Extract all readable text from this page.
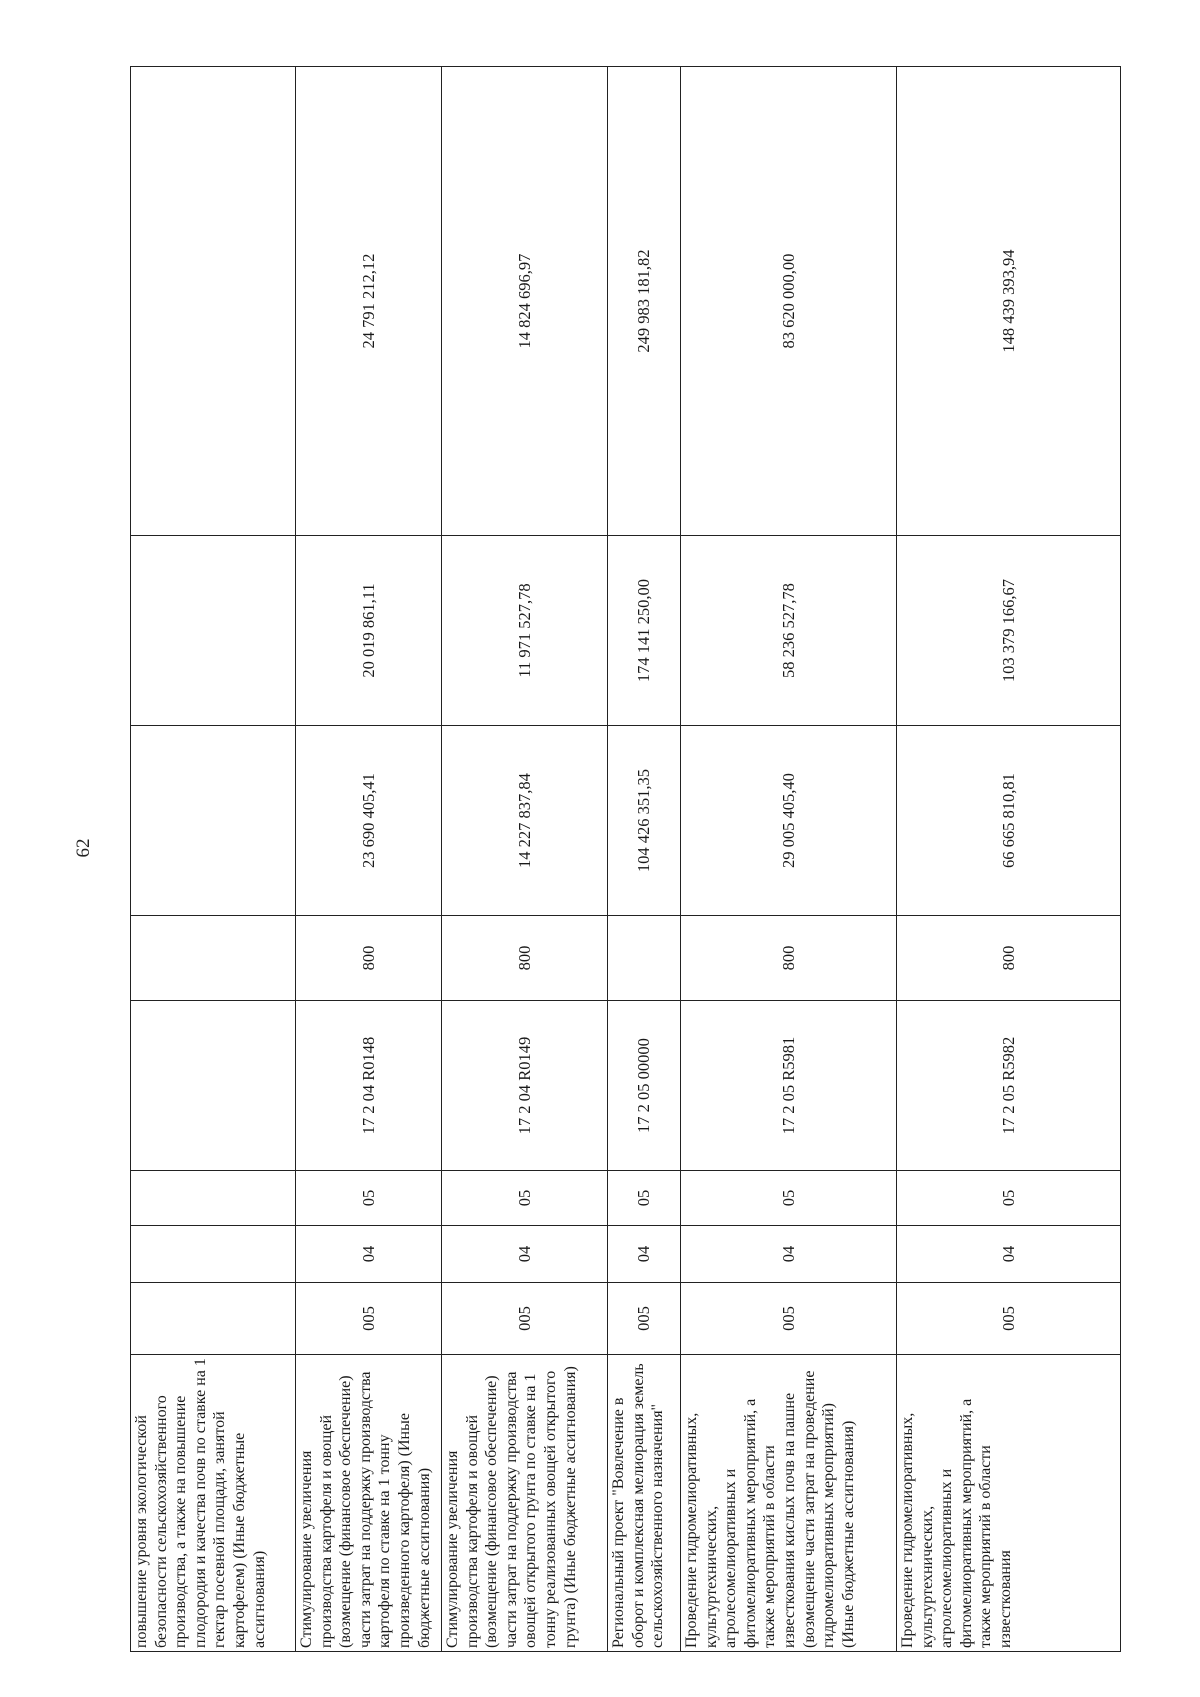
62
повышение уровня экологической безопасности сельскохозяйственного производства, а также на повышение плодородия и качества почв по ставке на 1 гектар посевной площади, занятой картофелем) (Иные бюджетные ассигнования)								
Стимулирование увеличения производства картофеля и овощей (возмещение (финансовое обеспечение) части затрат на поддержку производства картофеля по ставке на 1 тонну произведенного картофеля) (Иные бюджетные ассигнования)	005	04	05	17 2 04 R0148	800	23 690 405,41	20 019 861,11	24 791 212,12
Стимулирование увеличения производства картофеля и овощей (возмещение (финансовое обеспечение) части затрат на поддержку производства овощей открытого грунта по ставке на 1 тонну реализованных овощей открытого грунта) (Иные бюджетные ассигнования)	005	04	05	17 2 04 R0149	800	14 227 837,84	11 971 527,78	14 824 696,97
Региональный проект "Вовлечение в оборот и комплексная мелиорация земель сельскохозяйственного назначения"	005	04	05	17 2 05 00000		104 426 351,35	174 141 250,00	249 983 181,82
Проведение гидромелиоративных, культуртехнических, агролесомелиоративных и фитомелиоративных мероприятий, а также мероприятий в области известкования кислых почв на пашне (возмещение части затрат на проведение гидромелиоративных мероприятий) (Иные бюджетные ассигнования)	005	04	05	17 2 05 R5981	800	29 005 405,40	58 236 527,78	83 620 000,00
Проведение гидромелиоративных, культуртехнических, агролесомелиоративных и фитомелиоративных мероприятий, а также мероприятий в области известкования	005	04	05	17 2 05 R5982	800	66 665 810,81	103 379 166,67	148 439 393,94
